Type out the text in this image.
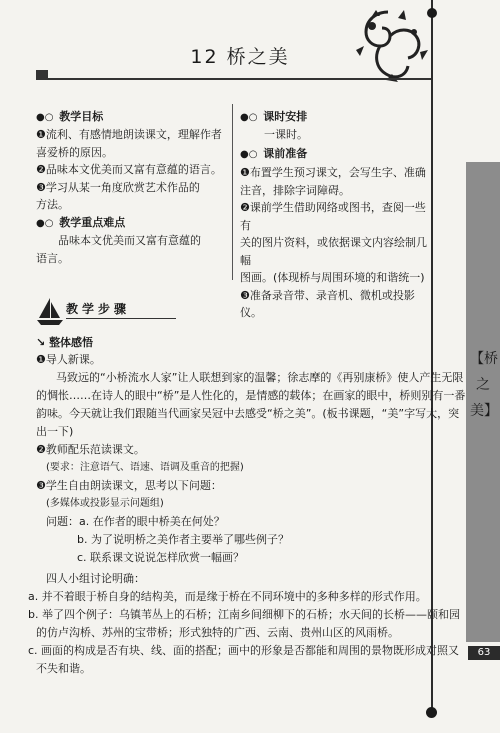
12 桥之美
【桥之美】
63
●○ 教学目标
❶流利、有感情地朗读课文，理解作者
喜爱桥的原因。
❷品味本文优美而又富有意蕴的语言。
❸学习从某一角度欣赏艺术作品的
方法。
●○ 教学重点难点
品味本文优美而又富有意蕴的
语言。
●○ 课时安排
一课时。
●○ 课前准备
❶布置学生预习课文，会写生字、准确
注音，排除字词障碍。
❷课前学生借助网络或图书，查阅一些有
关的图片资料，或依据课文内容绘制几幅
图画。(体现桥与周围环境的和谐统一)
❸准备录音带、录音机、微机或投影仪。
教学步骤
↘ 整体感悟
❶导人新课。
马致远的“小桥流水人家”让人联想到家的温馨；徐志摩的《再别康桥》使人产生无限
的惆怅……在诗人的眼中“桥”是人性化的，是情感的载体；在画家的眼中，桥则别有一番
韵味。今天就让我们跟随当代画家吴冠中去感受“桥之美”。(板书课题，“美”字写大，突
出一下)
❷教师配乐范读课文。
(要求：注意语气、语速、语调及重音的把握)
❸学生自由朗读课文，思考以下问题：
(多媒体或投影显示问题组)
问题：a. 在作者的眼中桥美在何处？
b. 为了说明桥之美作者主要举了哪些例子？
c. 联系课文说说怎样欣赏一幅画？
四人小组讨论明确：
a. 并不着眼于桥自身的结构美，而是缘于桥在不同环境中的多种多样的形式作用。
b. 举了四个例子：乌镇苇丛上的石桥；江南乡间细柳下的石桥；水天间的长桥——颐和园
的仿卢沟桥、苏州的宝带桥；形式独特的广西、云南、贵州山区的风雨桥。
c. 画面的构成是否有块、线、面的搭配；画中的形象是否都能和周围的景物既形成对照又
不失和谐。
